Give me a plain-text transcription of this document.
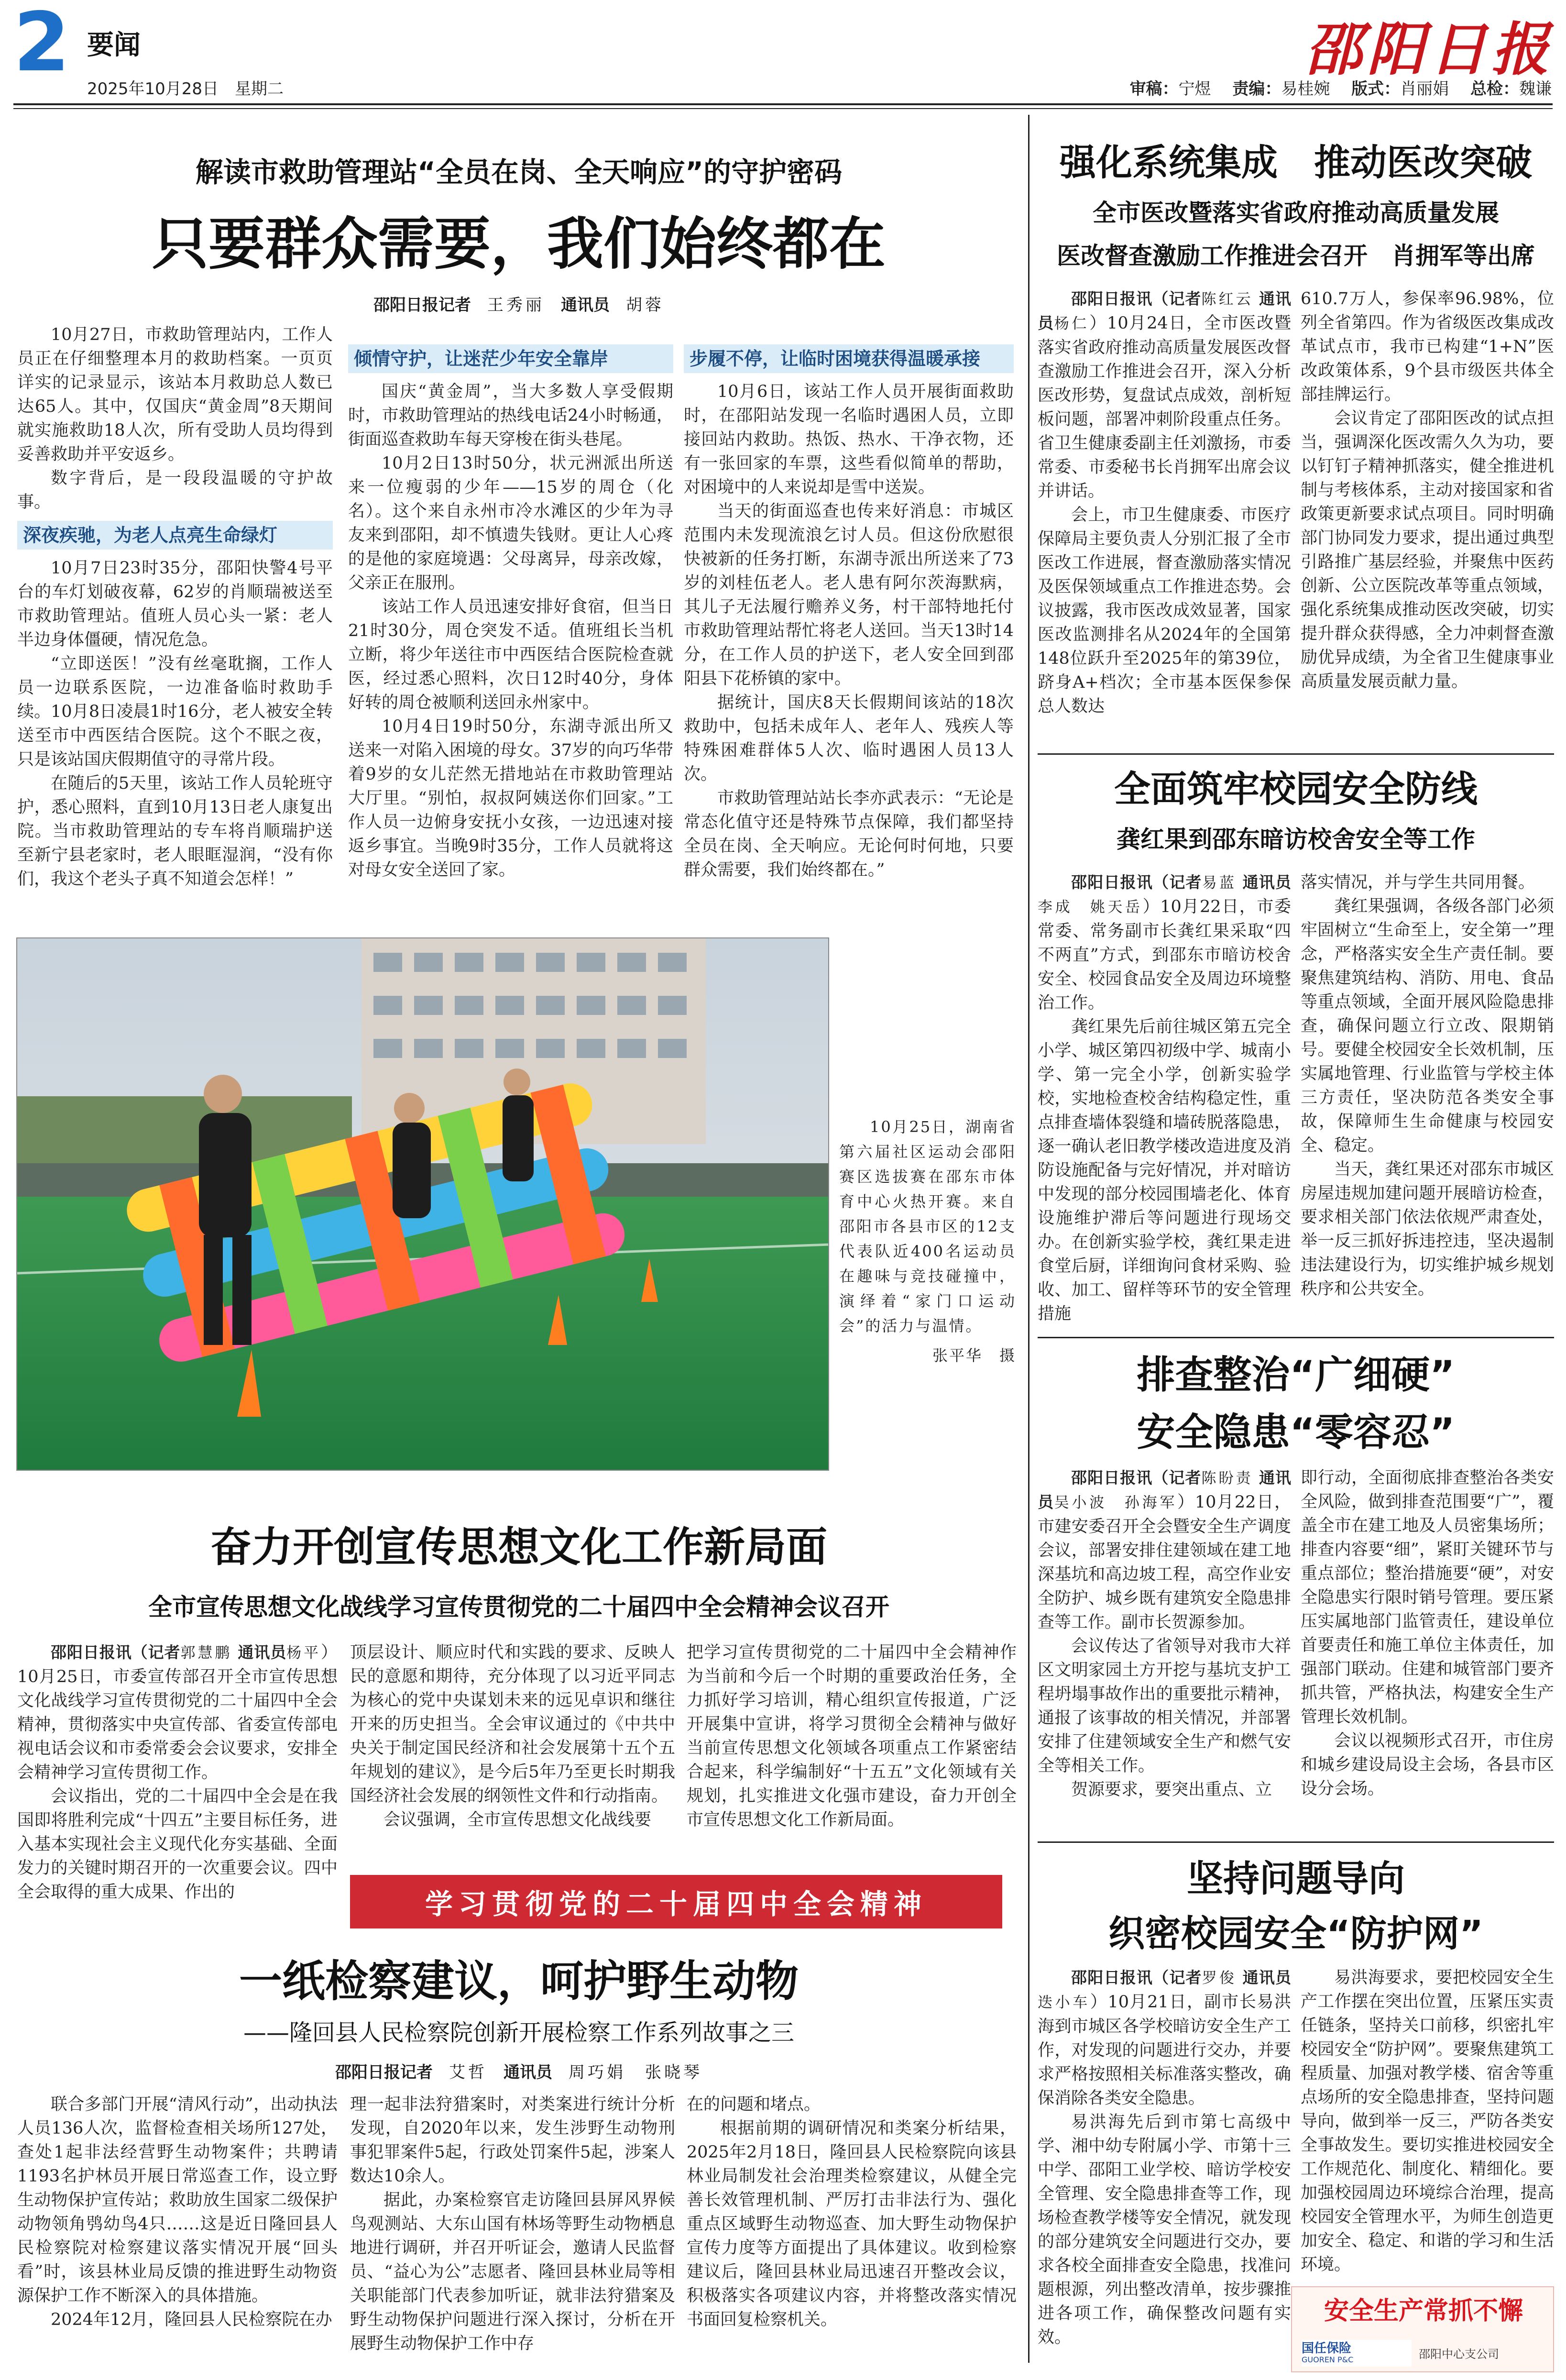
2 要闻
2025年10月28日　 星期二
邵阳日报
审稿：宁煜　 责编：易桂婉　 版式：肖丽娟　 总检：魏谦
解读市救助管理站“全员在岗、全天响应”的守护密码
只要群众需要，我们始终都在
邵阳日报记者　 王秀丽　 通讯员　 胡蓉

10月27日，市救助管理站内，工作人员正在仔细整理本月的救助档案。一页页详实的记录显示，该站本月救助总人数已达65人。其中，仅国庆“黄金周”8天期间就实施救助18人次，所有受助人员均得到妥善救助并平安返乡。

数字背后，是一段段温暖的守护故事。

深夜疾驰，为老人点亮生命绿灯

10月7日23时35分，邵阳快警4号平台的车灯划破夜幕，62岁的肖顺瑞被送至市救助管理站。值班人员心头一紧：老人半边身体僵硬，情况危急。

“立即送医！”没有丝毫耽搁，工作人员一边联系医院，一边准备临时救助手续。10月8日凌晨1时16分，老人被安全转送至市中西医结合医院。这个不眠之夜，只是该站国庆假期值守的寻常片段。

在随后的5天里，该站工作人员轮班守护，悉心照料，直到10月13日老人康复出院。当市救助管理站的专车将肖顺瑞护送至新宁县老家时，老人眼眶湿润，“没有你们，我这个老头子真不知道会怎样！”

倾情守护，让迷茫少年安全靠岸

国庆“黄金周”，当大多数人享受假期时，市救助管理站的热线电话24小时畅通，街面巡查救助车每天穿梭在街头巷尾。

10月2日13时50分，状元洲派出所送来一位瘦弱的少年——15岁的周仓（化名）。这个来自永州市冷水滩区的少年为寻友来到邵阳，却不慎遗失钱财。更让人心疼的是他的家庭境遇：父母离异，母亲改嫁，父亲正在服刑。

该站工作人员迅速安排好食宿，但当日21时30分，周仓突发不适。值班组长当机立断，将少年送往市中西医结合医院检查就医，经过悉心照料，次日12时40分，身体好转的周仓被顺利送回永州家中。

10月4日19时50分，东湖寺派出所又送来一对陷入困境的母女。37岁的向巧华带着9岁的女儿茫然无措地站在市救助管理站大厅里。“别怕，叔叔阿姨送你们回家。”工作人员一边俯身安抚小女孩，一边迅速对接返乡事宜。当晚9时35分，工作人员就将这对母女安全送回了家。

步履不停，让临时困境获得温暖承接

10月6日，该站工作人员开展街面救助时，在邵阳站发现一名临时遇困人员，立即接回站内救助。热饭、热水、干净衣物，还有一张回家的车票，这些看似简单的帮助，对困境中的人来说却是雪中送炭。

当天的街面巡查也传来好消息：市城区范围内未发现流浪乞讨人员。但这份欣慰很快被新的任务打断，东湖寺派出所送来了73岁的刘桂伍老人。老人患有阿尔茨海默病，其儿子无法履行赡养义务，村干部特地托付市救助管理站帮忙将老人送回。当天13时14分，在工作人员的护送下，老人安全回到邵阳县下花桥镇的家中。

据统计，国庆8天长假期间该站的18次救助中，包括未成年人、老年人、残疾人等特殊困难群体5人次、临时遇困人员13人次。

市救助管理站站长李亦武表示：“无论是常态化值守还是特殊节点保障，我们都坚持全员在岗、全天响应。无论何时何地，只要群众需要，我们始终都在。”

10月25日，湖南省第六届社区运动会邵阳赛区选拔赛在邵东市体育中心火热开赛。来自邵阳市各县市区的12支代表队近400名运动员在趣味与竞技碰撞中，演绎着“家门口运动会”的活力与温情。

张平华　摄
奋力开创宣传思想文化工作新局面
全市宣传思想文化战线学习宣传贯彻党的二十届四中全会精神会议召开

邵阳日报讯（记者郭慧鹏 通讯员杨平）10月25日，市委宣传部召开全市宣传思想文化战线学习宣传贯彻党的二十届四中全会精神，贯彻落实中央宣传部、省委宣传部电视电话会议和市委常委会会议要求，安排全会精神学习宣传贯彻工作。

会议指出，党的二十届四中全会是在我国即将胜利完成“十四五”主要目标任务，进入基本实现社会主义现代化夯实基础、全面发力的关键时期召开的一次重要会议。四中全会取得的重大成果、作出的

顶层设计、顺应时代和实践的要求、反映人民的意愿和期待，充分体现了以习近平同志为核心的党中央谋划未来的远见卓识和继往开来的历史担当。全会审议通过的《中共中央关于制定国民经济和社会发展第十五个五年规划的建议》，是今后5年乃至更长时期我国经济社会发展的纲领性文件和行动指南。

会议强调，全市宣传思想文化战线要

把学习宣传贯彻党的二十届四中全会精神作为当前和今后一个时期的重要政治任务，全力抓好学习培训，精心组织宣传报道，广泛开展集中宣讲，将学习贯彻全会精神与做好当前宣传思想文化领域各项重点工作紧密结合起来，科学编制好“十五五”文化领域有关规划，扎实推进文化强市建设，奋力开创全市宣传思想文化工作新局面。

学习贯彻党的二十届四中全会精神
一纸检察建议，呵护野生动物
——隆回县人民检察院创新开展检察工作系列故事之三
邵阳日报记者　 艾哲　 通讯员　 周巧娟　张晓琴

联合多部门开展“清风行动”，出动执法人员136人次，监督检查相关场所127处，查处1起非法经营野生动物案件；共聘请1193名护林员开展日常巡查工作，设立野生动物保护宣传站；救助放生国家二级保护动物领角鸮幼鸟4只……这是近日隆回县人民检察院对检察建议落实情况开展“回头看”时，该县林业局反馈的推进野生动物资源保护工作不断深入的具体措施。

2024年12月，隆回县人民检察院在办

理一起非法狩猎案时，对类案进行统计分析发现，自2020年以来，发生涉野生动物刑事犯罪案件5起，行政处罚案件5起，涉案人数达10余人。

据此，办案检察官走访隆回县屏风界候鸟观测站、大东山国有林场等野生动物栖息地进行调研，并召开听证会，邀请人民监督员、“益心为公”志愿者、隆回县林业局等相关职能部门代表参加听证，就非法狩猎案及野生动物保护问题进行深入探讨，分析在开展野生动物保护工作中存

在的问题和堵点。

根据前期的调研情况和类案分析结果，2025年2月18日，隆回县人民检察院向该县林业局制发社会治理类检察建议，从健全完善长效管理机制、严厉打击非法行为、强化重点区域野生动物巡查、加大野生动物保护宣传力度等方面提出了具体建议。收到检察建议后，隆回县林业局迅速召开整改会议，积极落实各项建议内容，并将整改落实情况书面回复检察机关。

强化系统集成　推动医改突破
全市医改暨落实省政府推动高质量发展
医改督查激励工作推进会召开　肖拥军等出席

邵阳日报讯（记者陈红云 通讯员杨仁）10月24日，全市医改暨落实省政府推动高质量发展医改督查激励工作推进会召开，深入分析医改形势，复盘试点成效，剖析短板问题，部署冲刺阶段重点任务。省卫生健康委副主任刘激扬，市委常委、市委秘书长肖拥军出席会议并讲话。

会上，市卫生健康委、市医疗保障局主要负责人分别汇报了全市医改工作进展，督查激励落实情况及医保领域重点工作推进态势。会议披露，我市医改成效显著，国家医改监测排名从2024年的全国第148位跃升至2025年的第39位，跻身A+档次；全市基本医保参保总人数达

610.7万人，参保率96.98%，位列全省第四。作为省级医改集成改革试点市，我市已构建“1+N”医改政策体系，9个县市级医共体全部挂牌运行。

会议肯定了邵阳医改的试点担当，强调深化医改需久久为功，要以钉钉子精神抓落实，健全推进机制与考核体系，主动对接国家和省政策更新要求试点项目。同时明确部门协同发力要求，提出通过典型引路推广基层经验，并聚焦中医药创新、公立医院改革等重点领域，强化系统集成推动医改突破，切实提升群众获得感，全力冲刺督查激励优异成绩，为全省卫生健康事业高质量发展贡献力量。

全面筑牢校园安全防线
龚红果到邵东暗访校舍安全等工作

邵阳日报讯（记者易蓝 通讯员李成　姚天岳）10月22日，市委常委、常务副市长龚红果采取“四不两直”方式，到邵东市暗访校舍安全、校园食品安全及周边环境整治工作。

龚红果先后前往城区第五完全小学、城区第四初级中学、城南小学、第一完全小学，创新实验学校，实地检查校舍结构稳定性，重点排查墙体裂缝和墙砖脱落隐患，逐一确认老旧教学楼改造进度及消防设施配备与完好情况，并对暗访中发现的部分校园围墙老化、体育设施维护滞后等问题进行现场交办。在创新实验学校，龚红果走进食堂后厨，详细询问食材采购、验收、加工、留样等环节的安全管理措施

落实情况，并与学生共同用餐。

龚红果强调，各级各部门必须牢固树立“生命至上，安全第一”理念，严格落实安全生产责任制。要聚焦建筑结构、消防、用电、食品等重点领域，全面开展风险隐患排查，确保问题立行立改、限期销号。要健全校园安全长效机制，压实属地管理、行业监管与学校主体三方责任，坚决防范各类安全事故，保障师生生命健康与校园安全、稳定。

当天，龚红果还对邵东市城区房屋违规加建问题开展暗访检查，要求相关部门依法依规严肃查处，举一反三抓好拆违控违，坚决遏制违法建设行为，切实维护城乡规划秩序和公共安全。

排查整治“广细硬”
安全隐患“零容忍”

邵阳日报讯（记者陈盼责 通讯员吴小波　孙海军）10月22日，市建安委召开全会暨安全生产调度会议，部署安排住建领域在建工地深基坑和高边坡工程，高空作业安全防护、城乡既有建筑安全隐患排查等工作。副市长贺源参加。

会议传达了省领导对我市大祥区文明家园土方开挖与基坑支护工程坍塌事故作出的重要批示精神，通报了该事故的相关情况，并部署安排了住建领域安全生产和燃气安全等相关工作。

贺源要求，要突出重点、立

即行动，全面彻底排查整治各类安全风险，做到排查范围要“广”，覆盖全市在建工地及人员密集场所；排查内容要“细”，紧盯关键环节与重点部位；整治措施要“硬”，对安全隐患实行限时销号管理。要压紧压实属地部门监管责任，建设单位首要责任和施工单位主体责任，加强部门联动。住建和城管部门要齐抓共管，严格执法，构建安全生产管理长效机制。

会议以视频形式召开，市住房和城乡建设局设主会场，各县市区设分会场。

坚持问题导向
织密校园安全“防护网”

邵阳日报讯（记者罗俊 通讯员迭小车）10月21日，副市长易洪海到市城区各学校暗访安全生产工作，对发现的问题进行交办，并要求严格按照相关标准落实整改，确保消除各类安全隐患。

易洪海先后到市第七高级中学、湘中幼专附属小学、市第十三中学、邵阳工业学校、暗访学校安全管理、安全隐患排查等工作，现场检查教学楼等安全情况，就发现的部分建筑安全问题进行交办，要求各校全面排查安全隐患，找准问题根源，列出整改清单，按步骤推进各项工作，确保整改问题有实效。

易洪海要求，要把校园安全生产工作摆在突出位置，压紧压实责任链条，坚持关口前移，织密扎牢校园安全“防护网”。要聚焦建筑工程质量、加强对教学楼、宿舍等重点场所的安全隐患排查，坚持问题导向，做到举一反三，严防各类安全事故发生。要切实推进校园安全工作规范化、制度化、精细化。要加强校园周边环境综合治理，提高校园安全管理水平，为师生创造更加安全、稳定、和谐的学习和生活环境。

安全生产常抓不懈
国任保险
GUOREN P&C	邵阳中心支公司
